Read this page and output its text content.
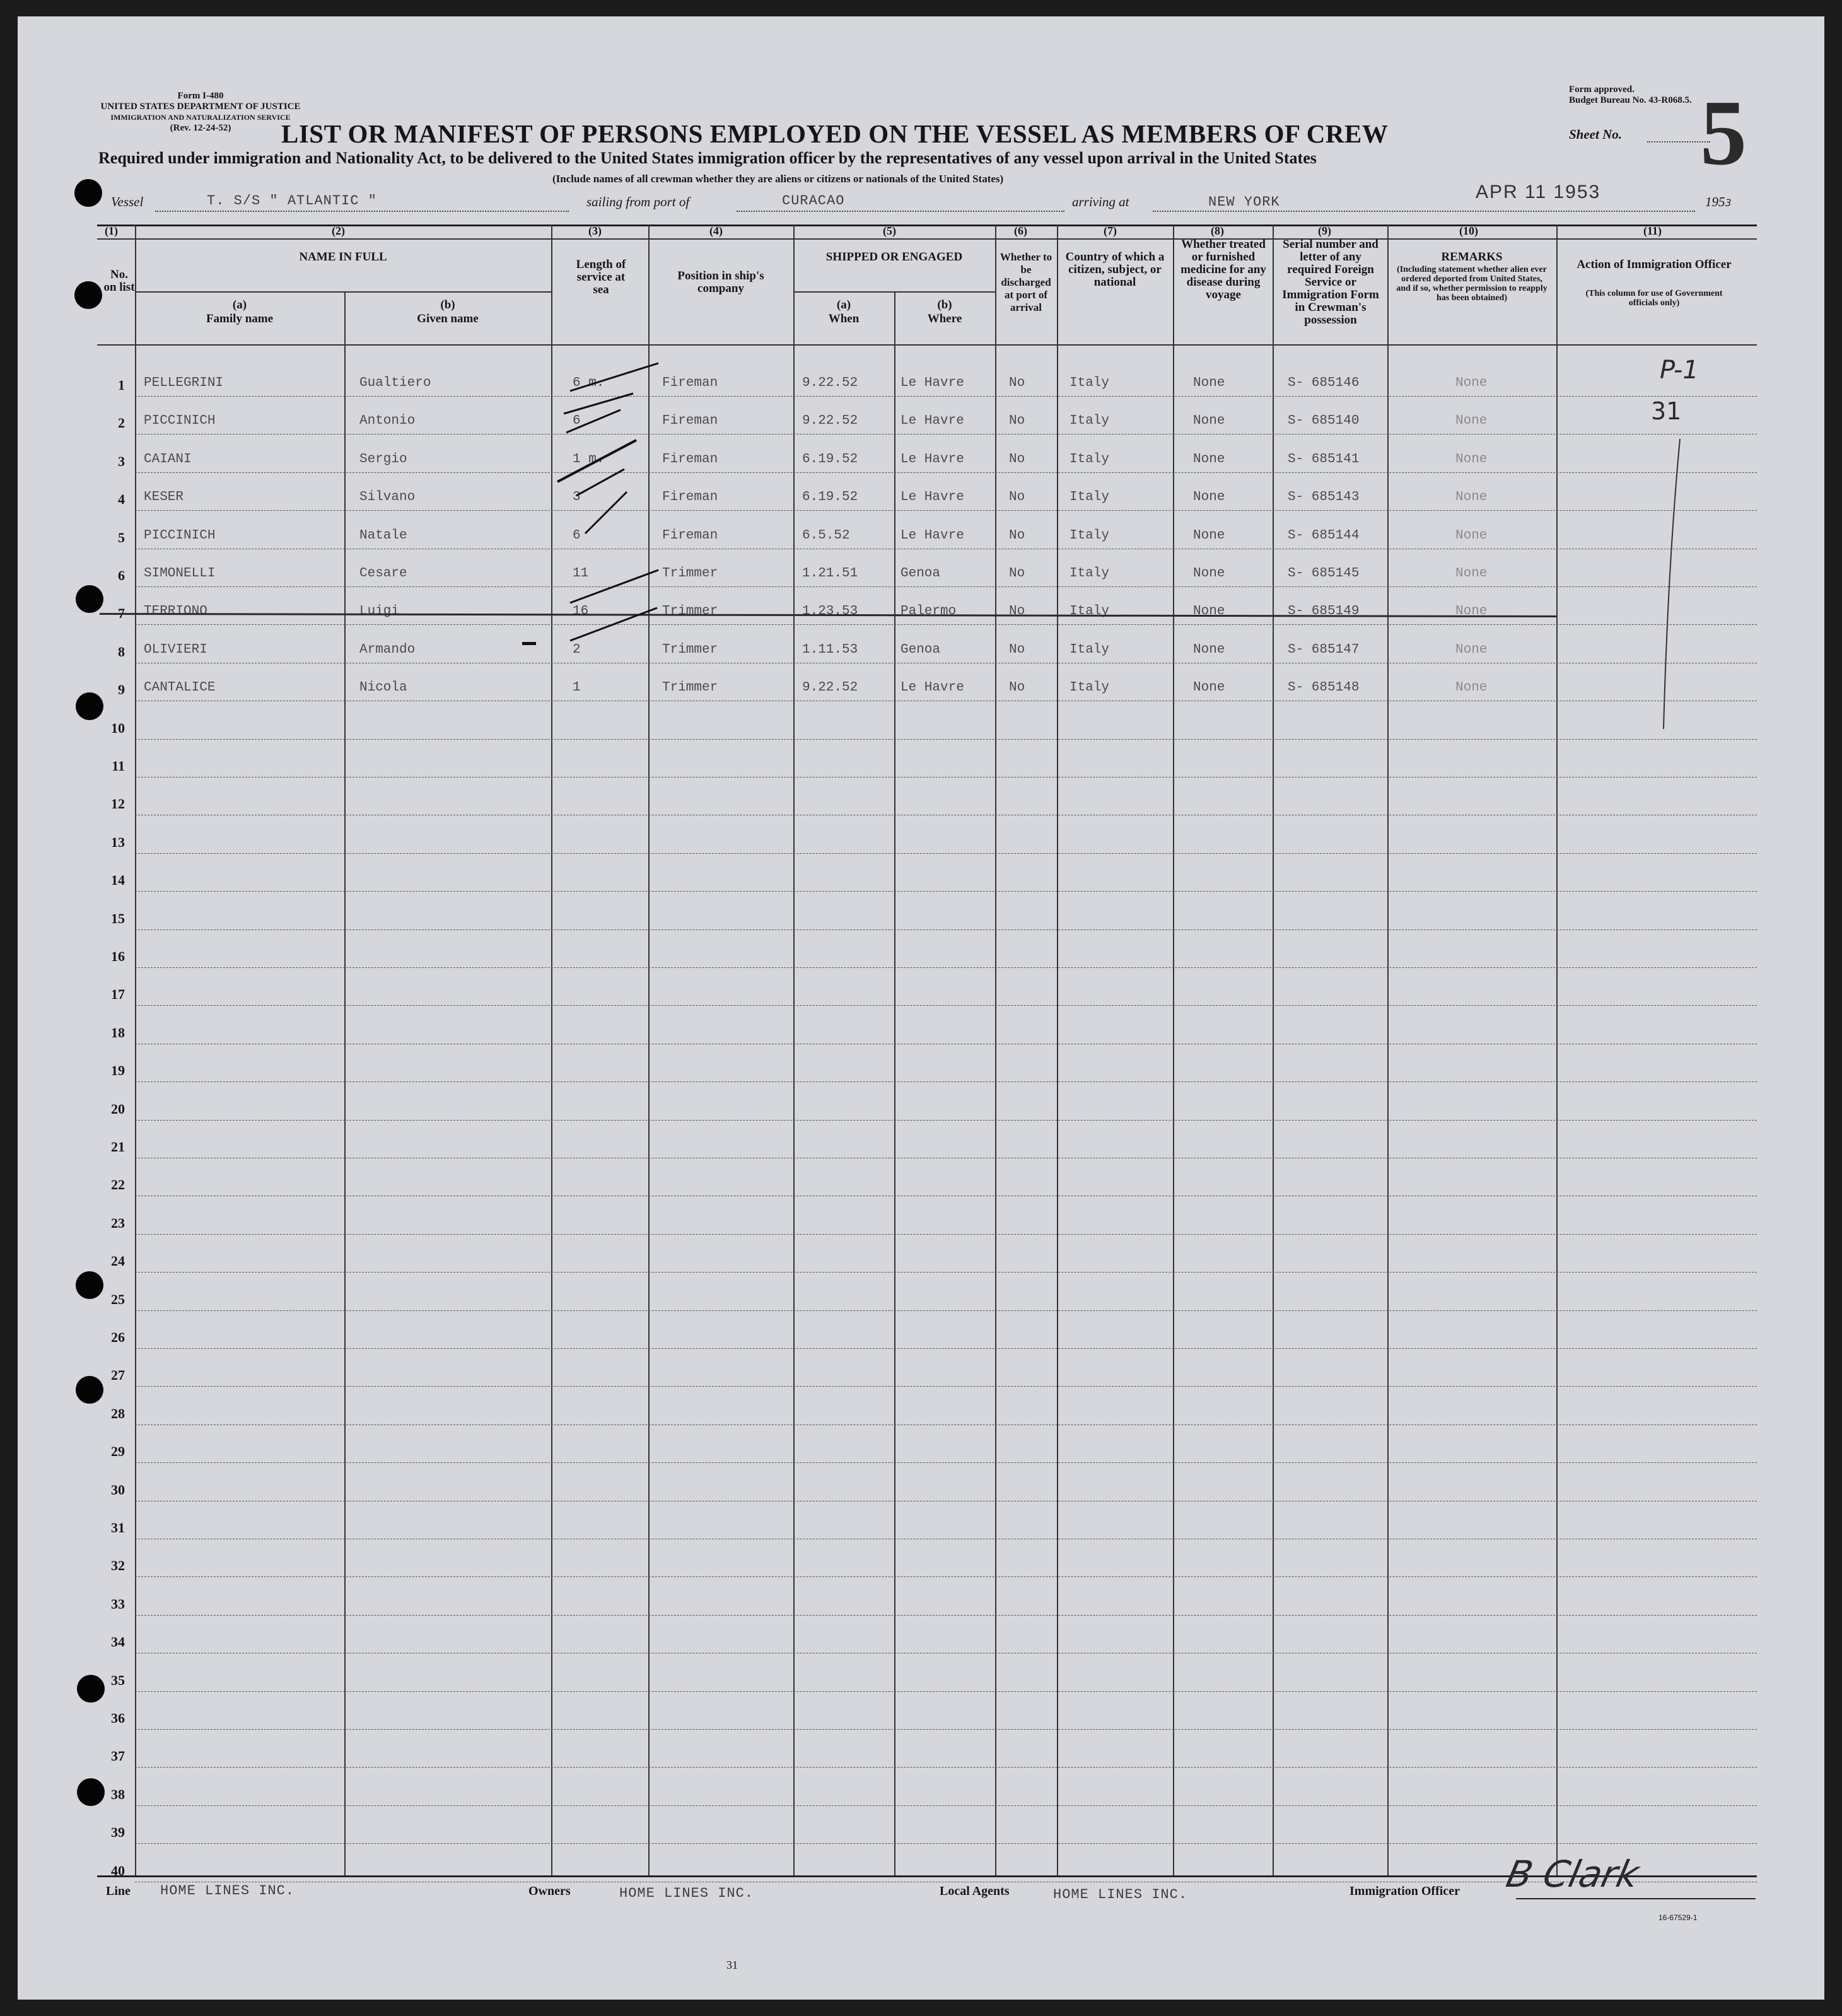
Form I-480
UNITED STATES DEPARTMENT OF JUSTICE
IMMIGRATION AND NATURALIZATION SERVICE
(Rev. 12-24-52)
Form approved.
Budget Bureau No. 43-R068.5.
LIST OR MANIFEST OF PERSONS EMPLOYED ON THE VESSEL AS MEMBERS OF CREW	Sheet No. 5
Required under immigration and Nationality Act, to be delivered to the United States immigration officer by the representatives of any vessel upon arrival in the United States
(Include names of all crewman whether they are aliens or citizens or nationals of the United States)
Vessel	T. S/S " ATLANTIC "	sailing from port of	CURACAO	arriving at	NEW YORK	APR 11 1953	1953
(1)	(2)	(3)	(4)	(5)	(6)	(7)	(8)	(9)	(10)	(11)
No. on list
NAME IN FULL
(a)
Family name
(b)
Given name
Length of service at sea
Position in ship's company
SHIPPED OR ENGAGED
(a)
When
(b)
Where
Whether to be discharged at port of arrival
Country of which a citizen, subject, or national
Whether treated or furnished medicine for any disease during voyage
Serial number and letter of any required Foreign Service or Immigration Form in Crewman's possession
REMARKS
(Including statement whether alien ever ordered deported from United States, and if so, whether permission to reapply has been obtained)
Action of Immigration Officer
(This column for use of Government officials only)
1 PELLEGRINI	Gualtiero	6 m.	Fireman	9.22.52	Le Havre	No	Italy	None	S- 685146	None
2 PICCINICH	Antonio	6	Fireman	9.22.52	Le Havre	No	Italy	None	S- 685140	None
3 CAIANI	Sergio	1 m.	Fireman	6.19.52	Le Havre	No	Italy	None	S- 685141	None
4 KESER	Silvano	3	Fireman	6.19.52	Le Havre	No	Italy	None	S- 685143	None
5 PICCINICH	Natale	6	Fireman	6.5.52	Le Havre	No	Italy	None	S- 685144	None
6 SIMONELLI	Cesare	11	Trimmer	1.21.51	Genoa	No	Italy	None	S- 685145	None
7 TERRIONO	Luigi	16	Trimmer	1.23.53	Palermo	No	Italy	None	S- 685149	None
8 OLIVIERI	Armando	2	Trimmer	1.11.53	Genoa	No	Italy	None	S- 685147	None
9 CANTALICE	Nicola	1	Trimmer	9.22.52	Le Havre	No	Italy	None	S- 685148	None
10
11
12
13
14
15
16
17
18
19
20
21
22
23
24
25
26
27
28
29
30
31
32
33
34
35
36
37
38
39
40
P-1
31
Line HOME LINES INC.	Owners	HOME LINES INC.	Local Agents	HOME LINES INC.	Immigration Officer B Clark
16-67529-1
31
